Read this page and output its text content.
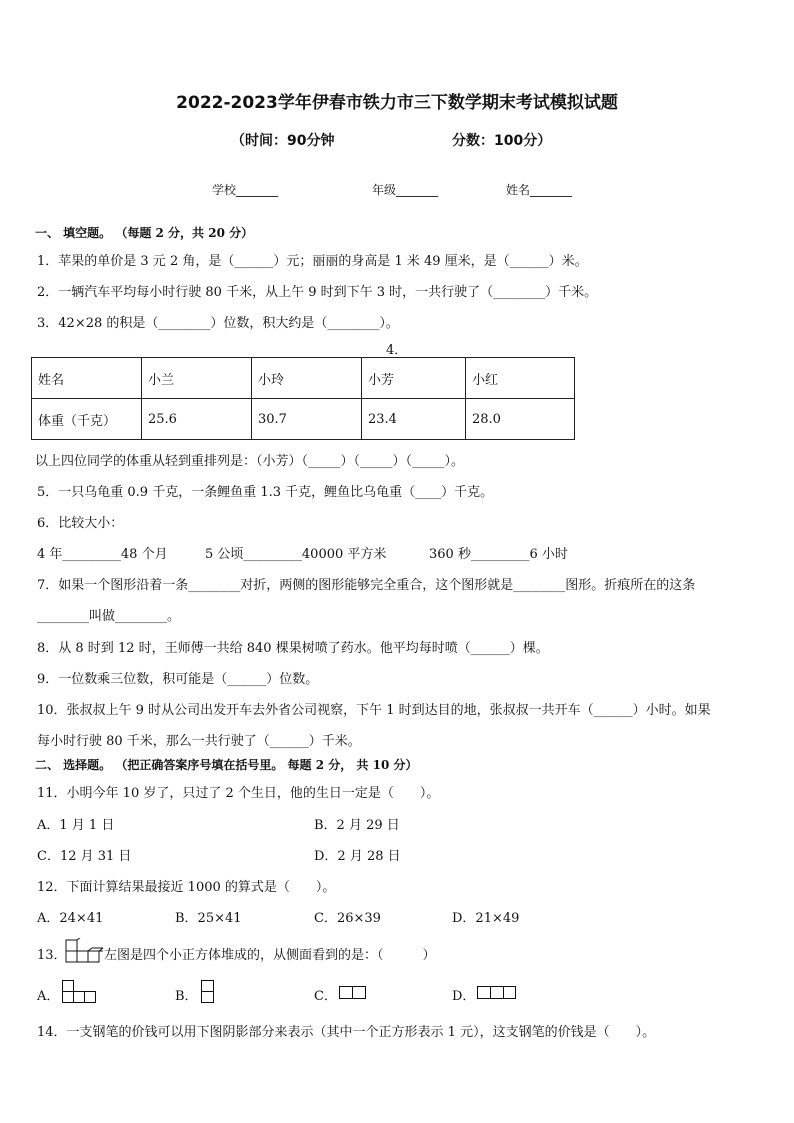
2022-2023学年伊春市铁力市三下数学期末考试模拟试题
（时间：90分钟	分数：100分）
学校_______	年级_______	姓名_______
一、 填空题。 （每题 2 分，共 20 分）
1．苹果的单价是 3 元 2 角，是（______）元；丽丽的身高是 1 米 49 厘米，是（______）米。
2．一辆汽车平均每小时行驶 80 千米，从上午 9 时到下午 3 时，一共行驶了（________）千米。
3．42×28 的积是（________）位数，积大约是（________）。
4．
姓名	小兰	小玲	小芳	小红
体重（千克）	25.6	30.7	23.4	28.0
以上四位同学的体重从轻到重排列是：（小芳）（_____）（_____）（_____）。
5．一只乌龟重 0.9 千克，一条鲤鱼重 1.3 千克，鲤鱼比乌龟重（____）千克。
6．比较大小：
4 年_________48 个月	5 公顷_________40000 平方米	360 秒_________6 小时
7．如果一个图形沿着一条________对折，两侧的图形能够完全重合，这个图形就是________图形。折痕所在的这条
________叫做________。
8．从 8 时到 12 时，王师傅一共给 840 棵果树喷了药水。他平均每时喷（______）棵。
9．一位数乘三位数，积可能是（______）位数。
10．张叔叔上午 9 时从公司出发开车去外省公司视察，下午 1 时到达目的地，张叔叔一共开车（______）小时。如果
每小时行驶 80 千米，那么一共行驶了（______）千米。
二、 选择题。 （把正确答案序号填在括号里。 每题 2 分， 共 10 分）
11．小明今年 10 岁了，只过了 2 个生日，他的生日一定是（　　）。
A．1 月 1 日	B．2 月 29 日
C．12 月 31 日	D．2 月 28 日
12．下面计算结果最接近 1000 的算式是（　　）。
A．24×41	B．25×41	C．26×39	D．21×49
13．	左图是四个小正方体堆成的，从侧面看到的是：（　　　）
A．	B．	C．	D．
14．一支钢笔的价钱可以用下图阴影部分来表示（其中一个正方形表示 1 元），这支钢笔的价钱是（　　）。
